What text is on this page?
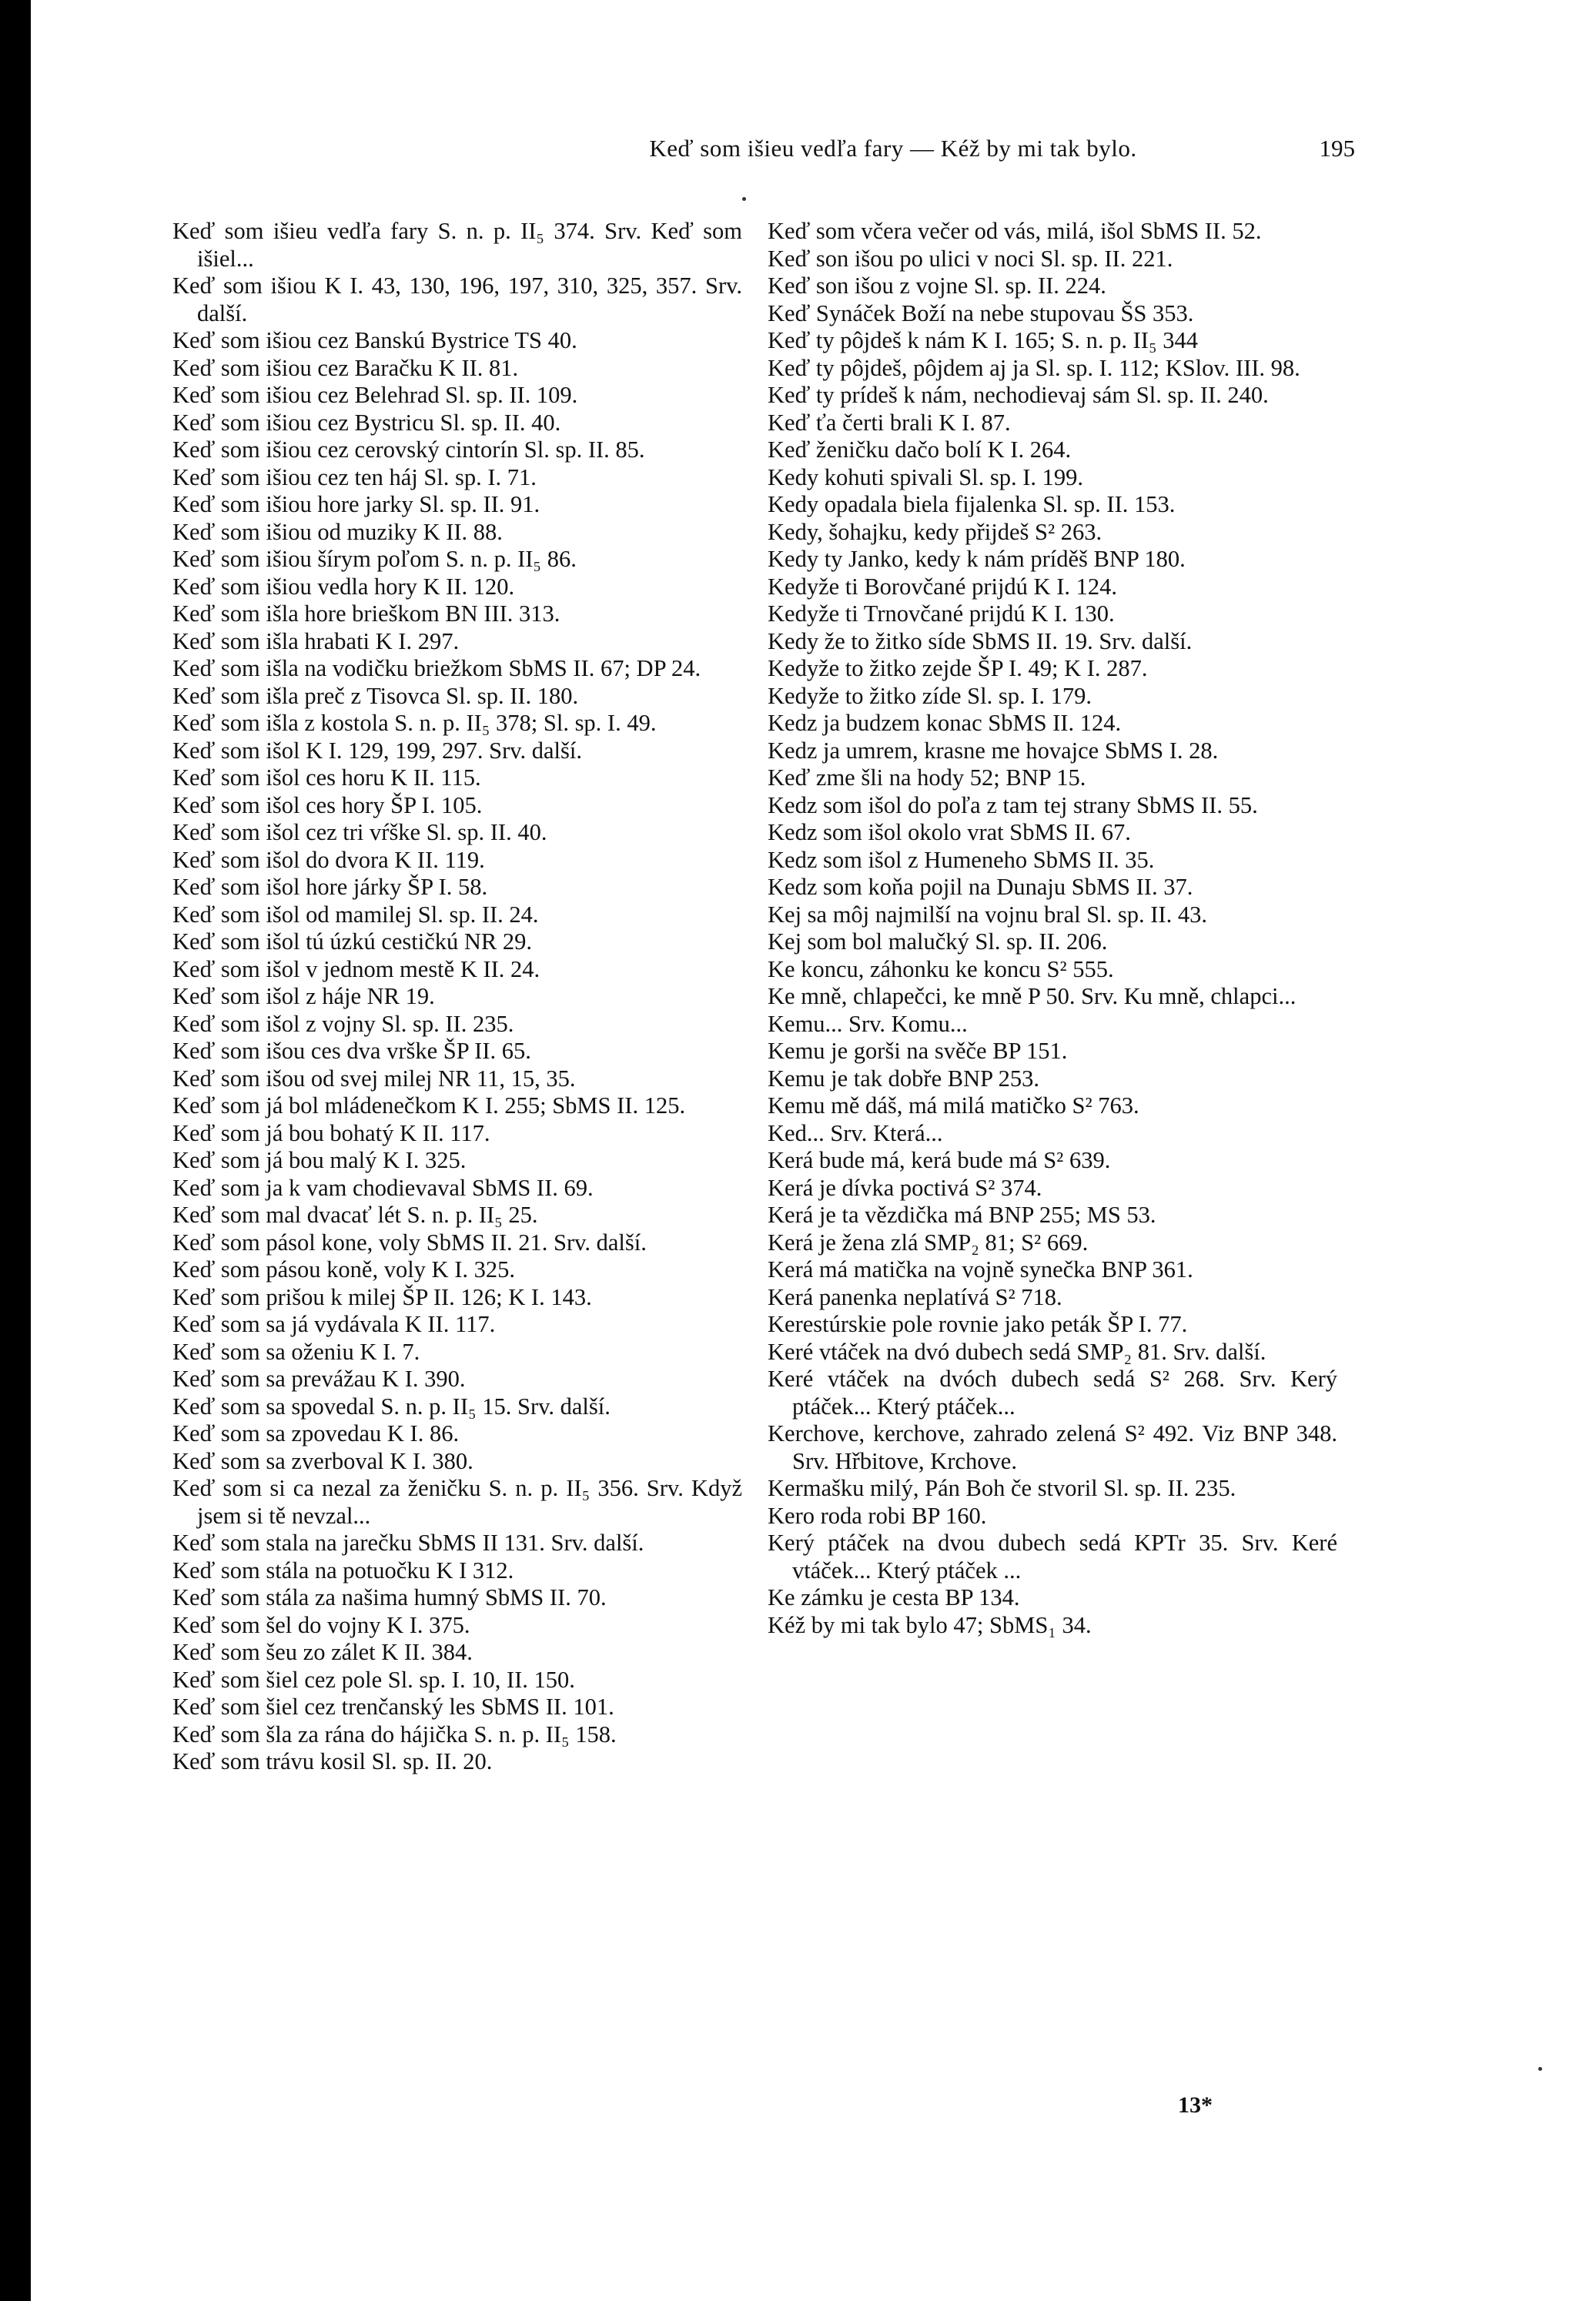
Keď som išieu vedľa fary — Kéž by mi tak bylo.	195

Keď som išieu vedľa fary S. n. p. II₅ 374. Srv. Keď som išiel...

Keď som išiou K I. 43, 130, 196, 197, 310, 325, 357. Srv. další.

Keď som išiou cez Banskú Bystrice TS 40.

Keď som išiou cez Baračku K II. 81.

Keď som išiou cez Belehrad Sl. sp. II. 109.

Keď som išiou cez Bystricu Sl. sp. II. 40.

Keď som išiou cez cerovský cintorín Sl. sp. II. 85.

Keď som išiou cez ten háj Sl. sp. I. 71.

Keď som išiou hore jarky Sl. sp. II. 91.

Keď som išiou od muziky K II. 88.

Keď som išiou šírym poľom S. n. p. II₅ 86.

Keď som išiou vedla hory K II. 120.

Keď som išla hore brieškom BN III. 313.

Keď som išla hrabati K I. 297.

Keď som išla na vodičku briežkom SbMS II. 67; DP 24.

Keď som išla preč z Tisovca Sl. sp. II. 180.

Keď som išla z kostola S. n. p. II₅ 378; Sl. sp. I. 49.

Keď som išol K I. 129, 199, 297. Srv. další.

Keď som išol ces horu K II. 115.

Keď som išol ces hory ŠP I. 105.

Keď som išol cez tri vŕške Sl. sp. II. 40.

Keď som išol do dvora K II. 119.

Keď som išol hore járky ŠP I. 58.

Keď som išol od mamilej Sl. sp. II. 24.

Keď som išol tú úzkú cestičkú NR 29.

Keď som išol v jednom mestě K II. 24.

Keď som išol z háje NR 19.

Keď som išol z vojny Sl. sp. II. 235.

Keď som išou ces dva vrške ŠP II. 65.

Keď som išou od svej milej NR 11, 15, 35.

Keď som já bol mládenečkom K I. 255; SbMS II. 125.

Keď som já bou bohatý K II. 117.

Keď som já bou malý K I. 325.

Keď som ja k vam chodievaval SbMS II. 69.

Keď som mal dvacať lét S. n. p. II₅ 25.

Keď som pásol kone, voly SbMS II. 21. Srv. další.

Keď som pásou koně, voly K I. 325.

Keď som prišou k milej ŠP II. 126; K I. 143.

Keď som sa já vydávala K II. 117.

Keď som sa oženiu K I. 7.

Keď som sa prevážau K I. 390.

Keď som sa spovedal S. n. p. II₅ 15. Srv. další.

Keď som sa zpovedau K I. 86.

Keď som sa zverboval K I. 380.

Keď som si ca nezal za ženičku S. n. p. II₅ 356. Srv. Když jsem si tě nevzal...

Keď som stala na jarečku SbMS II 131. Srv. další.

Keď som stála na potuočku K I 312.

Keď som stála za našima humný SbMS II. 70.

Keď som šel do vojny K I. 375.

Keď som šeu zo zálet K II. 384.

Keď som šiel cez pole Sl. sp. I. 10, II. 150.

Keď som šiel cez trenčanský les SbMS II. 101.

Keď som šla za rána do hájička S. n. p. II₅ 158.

Keď som trávu kosil Sl. sp. II. 20.

Keď som včera večer od vás, milá, išol SbMS II. 52.

Keď son išou po ulici v noci Sl. sp. II. 221.

Keď son išou z vojne Sl. sp. II. 224.

Keď Synáček Boží na nebe stupovau ŠS 353.

Keď ty pôjdeš k nám K I. 165; S. n. p. II₅ 344

Keď ty pôjdeš, pôjdem aj ja Sl. sp. I. 112; KSlov. III. 98.

Keď ty prídeš k nám, nechodievaj sám Sl. sp. II. 240.

Keď ťa čerti brali K I. 87.

Keď ženičku dačo bolí K I. 264.

Kedy kohuti spivali Sl. sp. I. 199.

Kedy opadala biela fijalenka Sl. sp. II. 153.

Kedy, šohajku, kedy přijdeš S² 263.

Kedy ty Janko, kedy k nám príděš BNP 180.

Kedyže ti Borovčané prijdú K I. 124.

Kedyže ti Trnovčané prijdú K I. 130.

Kedy že to žitko síde SbMS II. 19. Srv. další.

Kedyže to žitko zejde ŠP I. 49; K I. 287.

Kedyže to žitko zíde Sl. sp. I. 179.

Kedz ja budzem konac SbMS II. 124.

Kedz ja umrem, krasne me hovajce SbMS I. 28.

Keď zme šli na hody 52; BNP 15.

Kedz som išol do poľa z tam tej strany SbMS II. 55.

Kedz som išol okolo vrat SbMS II. 67.

Kedz som išol z Humeneho SbMS II. 35.

Kedz som koňa pojil na Dunaju SbMS II. 37.

Kej sa môj najmilší na vojnu bral Sl. sp. II. 43.

Kej som bol malučký Sl. sp. II. 206.

Ke koncu, záhonku ke koncu S² 555.

Ke mně, chlapečci, ke mně P 50. Srv. Ku mně, chlapci...

Kemu... Srv. Komu...

Kemu je gorši na svěče BP 151.

Kemu je tak dobře BNP 253.

Kemu mě dáš, má milá matičko S² 763.

Ked... Srv. Která...

Kerá bude má, kerá bude má S² 639.

Kerá je dívka poctivá S² 374.

Kerá je ta vězdička má BNP 255; MS 53.

Kerá je žena zlá SMP₂ 81; S² 669.

Kerá má matička na vojně synečka BNP 361.

Kerá panenka neplatívá S² 718.

Kerestúrskie pole rovnie jako peták ŠP I. 77.

Keré vtáček na dvó dubech sedá SMP₂ 81. Srv. další.

Keré vtáček na dvóch dubech sedá S² 268. Srv. Kerý ptáček... Který ptáček...

Kerchove, kerchove, zahrado zelená S² 492. Viz BNP 348. Srv. Hřbitove, Krchove.

Kermašku milý, Pán Boh če stvoril Sl. sp. II. 235.

Kero roda robi BP 160.

Kerý ptáček na dvou dubech sedá KPTr 35. Srv. Keré vtáček... Který ptáček ...

Ke zámku je cesta BP 134.

Kéž by mi tak bylo 47; SbMS₁ 34.

13*
